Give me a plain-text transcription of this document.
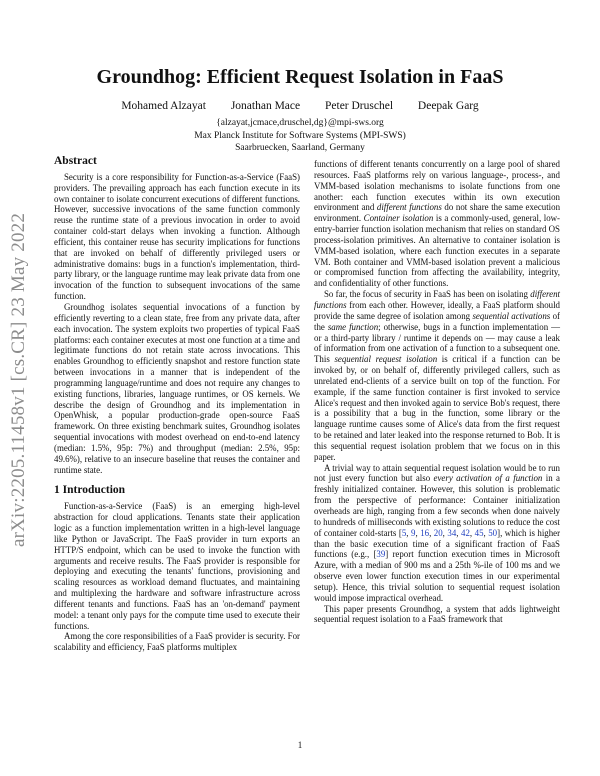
arXiv:2205.11458v1 [cs.CR] 23 May 2022
Groundhog: Efficient Request Isolation in FaaS
Mohamed Alzayat Jonathan Mace Peter Druschel Deepak Garg
{alzayat,jcmace,druschel,dg}@mpi-sws.org
Max Planck Institute for Software Systems (MPI-SWS)
Saarbruecken, Saarland, Germany
Abstract

Security is a core responsibility for Function-as-a-Service (FaaS) providers. The prevailing approach has each function execute in its own container to isolate concurrent executions of different functions. However, successive invocations of the same function commonly reuse the runtime state of a previous invocation in order to avoid container cold-start delays when invoking a function. Although efficient, this container reuse has security implications for functions that are invoked on behalf of differently privileged users or administrative domains: bugs in a function's implementation, third-party library, or the language runtime may leak private data from one invocation of the function to subsequent invocations of the same function.

Groundhog isolates sequential invocations of a function by efficiently reverting to a clean state, free from any private data, after each invocation. The system exploits two properties of typical FaaS platforms: each container executes at most one function at a time and legitimate functions do not retain state across invocations. This enables Groundhog to efficiently snapshot and restore function state between invocations in a manner that is independent of the programming language/runtime and does not require any changes to existing functions, libraries, language runtimes, or OS kernels. We describe the design of Groundhog and its implementation in OpenWhisk, a popular production-grade open-source FaaS framework. On three existing benchmark suites, Groundhog isolates sequential invocations with modest overhead on end-to-end latency (median: 1.5%, 95p: 7%) and throughput (median: 2.5%, 95p: 49.6%), relative to an insecure baseline that reuses the container and runtime state.

1 Introduction

Function-as-a-Service (FaaS) is an emerging high-level abstraction for cloud applications. Tenants state their application logic as a function implementation written in a high-level language like Python or JavaScript. The FaaS provider in turn exports an HTTP/S endpoint, which can be used to invoke the function with arguments and receive results. The FaaS provider is responsible for deploying and executing the tenants' functions, provisioning and scaling resources as workload demand fluctuates, and maintaining and multiplexing the hardware and software infrastructure across different tenants and functions. FaaS has an 'on-demand' payment model: a tenant only pays for the compute time used to execute their functions.

Among the core responsibilities of a FaaS provider is security. For scalability and efficiency, FaaS platforms multiplex

functions of different tenants concurrently on a large pool of shared resources. FaaS platforms rely on various language-, process-, and VMM-based isolation mechanisms to isolate functions from one another: each function executes within its own execution environment and different functions do not share the same execution environment. Container isolation is a commonly-used, general, low-entry-barrier function isolation mechanism that relies on standard OS process-isolation primitives. An alternative to container isolation is VMM-based isolation, where each function executes in a separate VM. Both container and VMM-based isolation prevent a malicious or compromised function from affecting the availability, integrity, and confidentiality of other functions.

So far, the focus of security in FaaS has been on isolating different functions from each other. However, ideally, a FaaS platform should provide the same degree of isolation among sequential activations of the same function; otherwise, bugs in a function implementation — or a third-party library / runtime it depends on — may cause a leak of information from one activation of a function to a subsequent one. This sequential request isolation is critical if a function can be invoked by, or on behalf of, differently privileged callers, such as unrelated end-clients of a service built on top of the function. For example, if the same function container is first invoked to service Alice's request and then invoked again to service Bob's request, there is a possibility that a bug in the function, some library or the language runtime causes some of Alice's data from the first request to be retained and later leaked into the response returned to Bob. It is this sequential request isolation problem that we focus on in this paper.

A trivial way to attain sequential request isolation would be to run not just every function but also every activation of a function in a freshly initialized container. However, this solution is problematic from the perspective of performance: Container initialization overheads are high, ranging from a few seconds when done naively to hundreds of milliseconds with existing solutions to reduce the cost of container cold-starts [5, 9, 16, 20, 34, 42, 45, 50], which is higher than the basic execution time of a significant fraction of FaaS functions (e.g., [39] report function execution times in Microsoft Azure, with a median of 900 ms and a 25th %-ile of 100 ms and we observe even lower function execution times in our experimental setup). Hence, this trivial solution to sequential request isolation would impose impractical overhead.

This paper presents Groundhog, a system that adds lightweight sequential request isolation to a FaaS framework that

1
